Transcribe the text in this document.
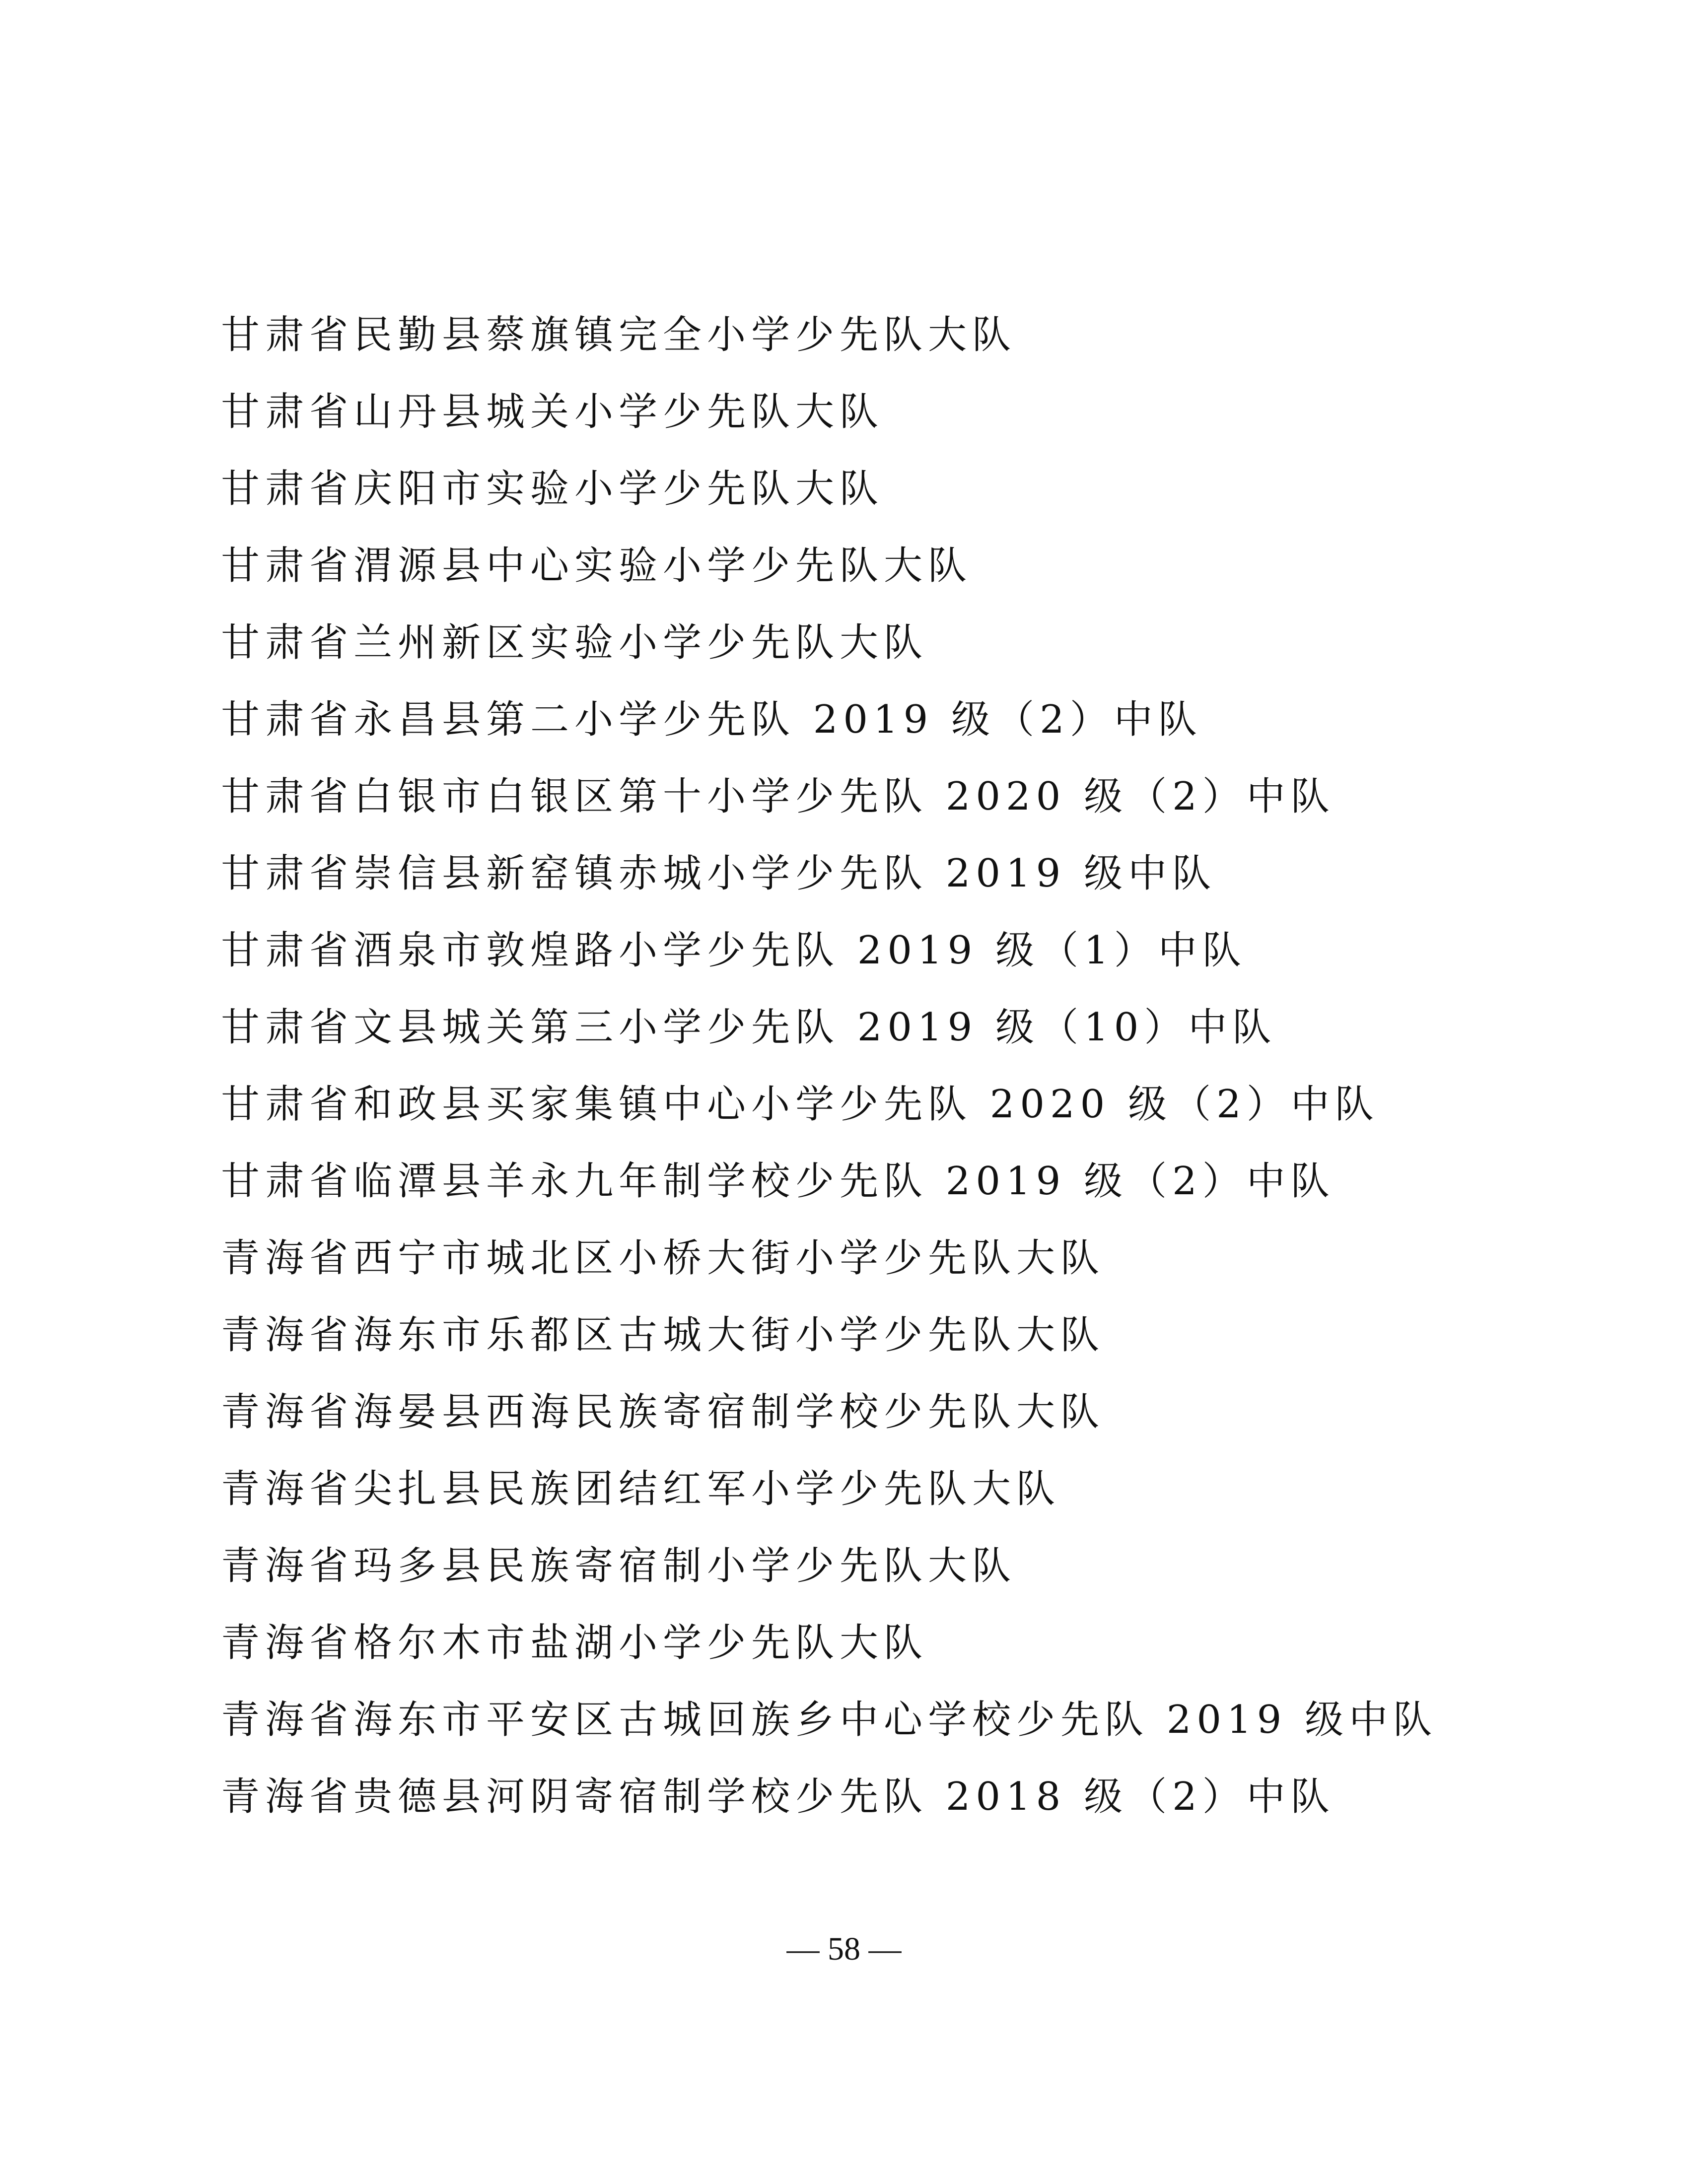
甘肃省民勤县蔡旗镇完全小学少先队大队
甘肃省山丹县城关小学少先队大队
甘肃省庆阳市实验小学少先队大队
甘肃省渭源县中心实验小学少先队大队
甘肃省兰州新区实验小学少先队大队
甘肃省永昌县第二小学少先队 2019 级（2）中队
甘肃省白银市白银区第十小学少先队 2020 级（2）中队
甘肃省崇信县新窑镇赤城小学少先队 2019 级中队
甘肃省酒泉市敦煌路小学少先队 2019 级（1）中队
甘肃省文县城关第三小学少先队 2019 级（10）中队
甘肃省和政县买家集镇中心小学少先队 2020 级（2）中队
甘肃省临潭县羊永九年制学校少先队 2019 级（2）中队
青海省西宁市城北区小桥大街小学少先队大队
青海省海东市乐都区古城大街小学少先队大队
青海省海晏县西海民族寄宿制学校少先队大队
青海省尖扎县民族团结红军小学少先队大队
青海省玛多县民族寄宿制小学少先队大队
青海省格尔木市盐湖小学少先队大队
青海省海东市平安区古城回族乡中心学校少先队 2019 级中队
青海省贵德县河阴寄宿制学校少先队 2018 级（2）中队
— 58 —
